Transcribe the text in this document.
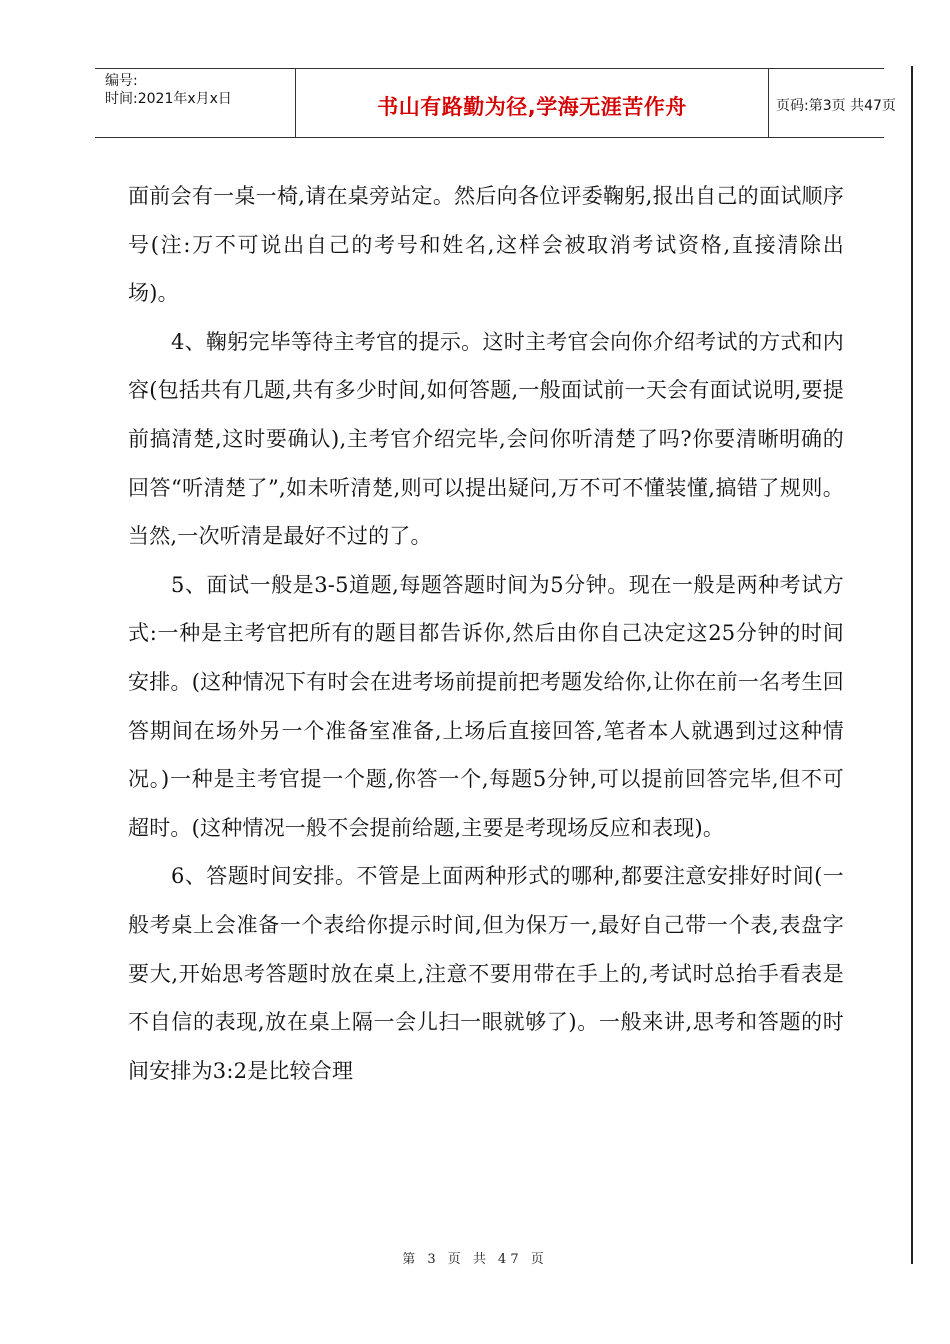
编号:
时间:2021年x月x日	书山有路勤为径,学海无涯苦作舟	页码:第3页 共47页

面前会有一桌一椅,请在桌旁站定。然后向各位评委鞠躬,报出自己的面试顺序号(注:万不可说出自己的考号和姓名,这样会被取消考试资格,直接清除出场)。

4、鞠躬完毕等待主考官的提示。这时主考官会向你介绍考试的方式和内容(包括共有几题,共有多少时间,如何答题,一般面试前一天会有面试说明,要提前搞清楚,这时要确认),主考官介绍完毕,会问你听清楚了吗?你要清晰明确的回答“听清楚了”,如未听清楚,则可以提出疑问,万不可不懂装懂,搞错了规则。当然,一次听清是最好不过的了。

5、面试一般是3-5道题,每题答题时间为5分钟。现在一般是两种考试方式:一种是主考官把所有的题目都告诉你,然后由你自己决定这25分钟的时间安排。(这种情况下有时会在进考场前提前把考题发给你,让你在前一名考生回答期间在场外另一个准备室准备,上场后直接回答,笔者本人就遇到过这种情况。)一种是主考官提一个题,你答一个,每题5分钟,可以提前回答完毕,但不可超时。(这种情况一般不会提前给题,主要是考现场反应和表现)。

6、答题时间安排。不管是上面两种形式的哪种,都要注意安排好时间(一般考桌上会准备一个表给你提示时间,但为保万一,最好自己带一个表,表盘字要大,开始思考答题时放在桌上,注意不要用带在手上的,考试时总抬手看表是不自信的表现,放在桌上隔一会儿扫一眼就够了)。一般来讲,思考和答题的时间安排为3:2是比较合理

第 3 页 共 47 页
